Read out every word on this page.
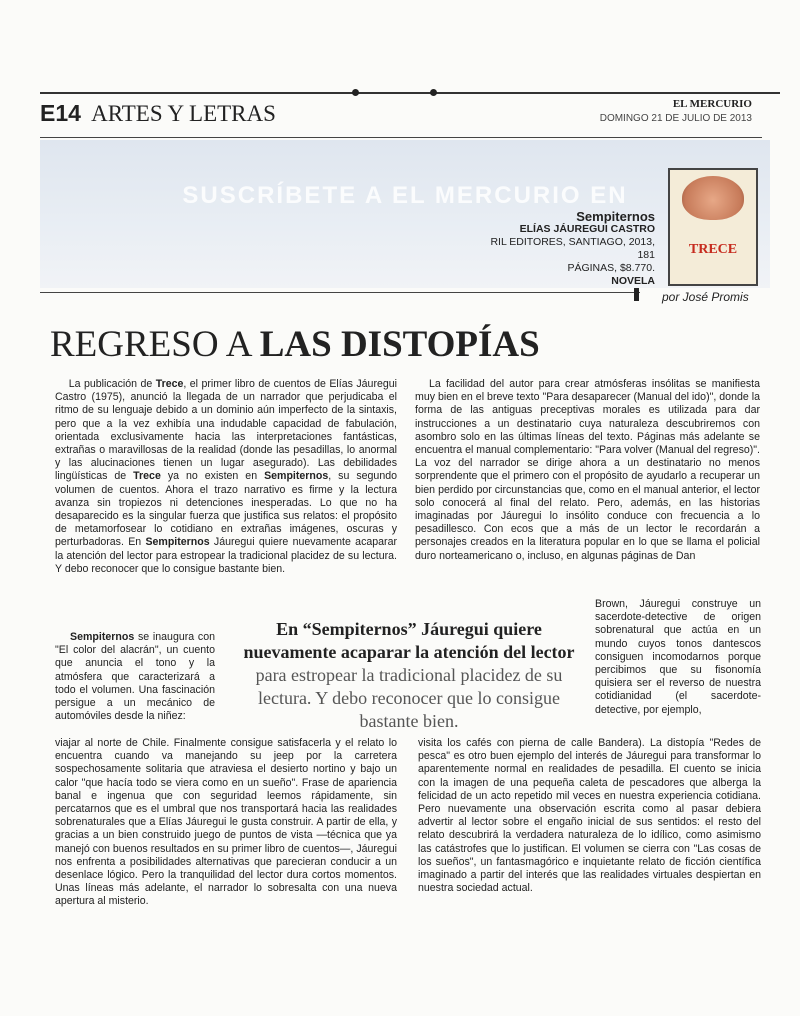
E14 ARTES Y LETRAS	EL MERCURIO
DOMINGO 21 DE JULIO DE 2013
SUSCRÍBETE A EL MERCURIO EN
Sempiternos
ELÍAS JÁUREGUI CASTRO
RIL EDITORES, SANTIAGO, 2013, 181
PÁGINAS, $8.770.
NOVELA
TRECE
por José Promis
REGRESO A LAS DISTOPÍAS

La publicación de Trece, el primer libro de cuentos de Elías Jáuregui Castro (1975), anunció la llegada de un narrador que perjudicaba el ritmo de su lenguaje debido a un dominio aún imperfecto de la sintaxis, pero que a la vez exhibía una indudable capacidad de fabulación, orientada exclusivamente hacia las interpretaciones fantásticas, extrañas o maravillosas de la realidad (donde las pesadillas, lo anormal y las alucinaciones tienen un lugar asegurado). Las debilidades lingüísticas de Trece ya no existen en Sempiternos, su segundo volumen de cuentos. Ahora el trazo narrativo es firme y la lectura avanza sin tropiezos ni detenciones inesperadas. Lo que no ha desaparecido es la singular fuerza que justifica sus relatos: el propósito de metamorfosear lo cotidiano en extrañas imágenes, oscuras y perturbadoras. En Sempiternos Jáuregui quiere nuevamente acaparar la atención del lector para estropear la tradicional placidez de su lectura. Y debo reconocer que lo consigue bastante bien.

Sempiternos se inaugura con "El color del alacrán", un cuento que anuncia el tono y la atmósfera que caracterizará a todo el volumen. Una fascinación persigue a un mecánico de automóviles desde la niñez:

En “Sempiternos” Jáuregui quiere nuevamente acaparar la atención del lector para estropear la tradicional placidez de su lectura. Y debo reconocer que lo consigue bastante bien.

viajar al norte de Chile. Finalmente consigue satisfacerla y el relato lo encuentra cuando va manejando su jeep por la carretera sospechosamente solitaria que atraviesa el desierto nortino y bajo un calor "que hacía todo se viera como en un sueño". Frase de apariencia banal e ingenua que con seguridad leemos rápidamente, sin percatarnos que es el umbral que nos transportará hacia las realidades sobrenaturales que a Elías Jáuregui le gusta construir. A partir de ella, y gracias a un bien construido juego de puntos de vista —técnica que ya manejó con buenos resultados en su primer libro de cuentos—, Jáuregui nos enfrenta a posibilidades alternativas que parecieran conducir a un desenlace lógico. Pero la tranquilidad del lector dura cortos momentos. Unas líneas más adelante, el narrador lo sobresalta con una nueva apertura al misterio.

La facilidad del autor para crear atmósferas insólitas se manifiesta muy bien en el breve texto "Para desaparecer (Manual del ido)", donde la forma de las antiguas preceptivas morales es utilizada para dar instrucciones a un destinatario cuya naturaleza descubriremos con asombro solo en las últimas líneas del texto. Páginas más adelante se encuentra el manual complementario: "Para volver (Manual del regreso)". La voz del narrador se dirige ahora a un destinatario no menos sorprendente que el primero con el propósito de ayudarlo a recuperar un bien perdido por circunstancias que, como en el manual anterior, el lector solo conocerá al final del relato. Pero, además, en las historias imaginadas por Jáuregui lo insólito conduce con frecuencia a lo pesadillesco. Con ecos que a más de un lector le recordarán a personajes creados en la literatura popular en lo que se llama el policial duro norteamericano o, incluso, en algunas páginas de Dan

Brown, Jáuregui construye un sacerdote-detective de origen sobrenatural que actúa en un mundo cuyos tonos dantescos consiguen incomodarnos porque percibimos que su fisonomía quisiera ser el reverso de nuestra cotidianidad (el sacerdote-detective, por ejemplo,

visita los cafés con pierna de calle Bandera). La distopía "Redes de pesca" es otro buen ejemplo del interés de Jáuregui para transformar lo aparentemente normal en realidades de pesadilla. El cuento se inicia con la imagen de una pequeña caleta de pescadores que alberga la felicidad de un acto repetido mil veces en nuestra experiencia cotidiana. Pero nuevamente una observación escrita como al pasar debiera advertir al lector sobre el engaño inicial de sus sentidos: el resto del relato descubrirá la verdadera naturaleza de lo idílico, como asimismo las catástrofes que lo justifican. El volumen se cierra con "Las cosas de los sueños", un fantasmagórico e inquietante relato de ficción científica imaginado a partir del interés que las realidades virtuales despiertan en nuestra sociedad actual.
